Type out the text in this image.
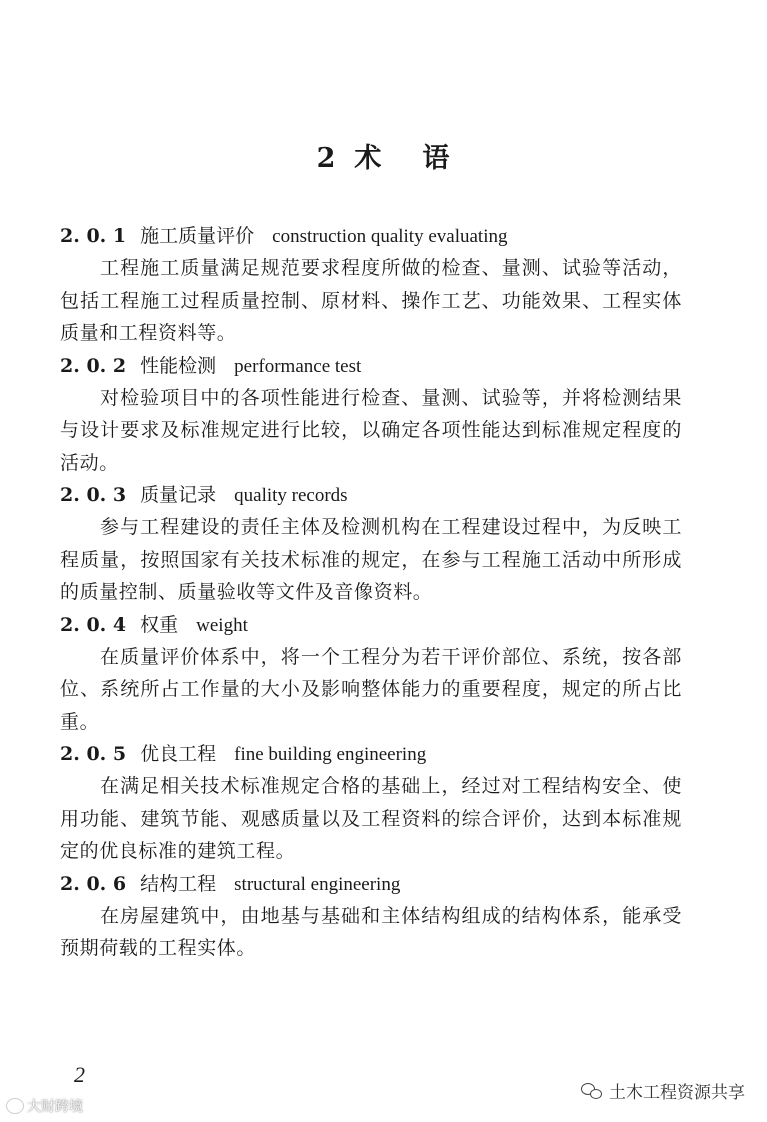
2 术 语
2. 0. 1 施工质量评价 construction quality evaluating

工程施工质量满足规范要求程度所做的检查、量测、试验等活动，包括工程施工过程质量控制、原材料、操作工艺、功能效果、工程实体质量和工程资料等。

2. 0. 2 性能检测 performance test

对检验项目中的各项性能进行检查、量测、试验等，并将检测结果与设计要求及标准规定进行比较，以确定各项性能达到标准规定程度的活动。

2. 0. 3 质量记录 quality records

参与工程建设的责任主体及检测机构在工程建设过程中，为反映工程质量，按照国家有关技术标准的规定，在参与工程施工活动中所形成的质量控制、质量验收等文件及音像资料。

2. 0. 4 权重 weight

在质量评价体系中，将一个工程分为若干评价部位、系统，按各部位、系统所占工作量的大小及影响整体能力的重要程度，规定的所占比重。

2. 0. 5 优良工程 fine building engineering

在满足相关技术标准规定合格的基础上，经过对工程结构安全、使用功能、建筑节能、观感质量以及工程资料的综合评价，达到本标准规定的优良标准的建筑工程。

2. 0. 6 结构工程 structural engineering

在房屋建筑中，由地基与基础和主体结构组成的结构体系，能承受预期荷载的工程实体。

2
土木工程资源共享
大财跨境
